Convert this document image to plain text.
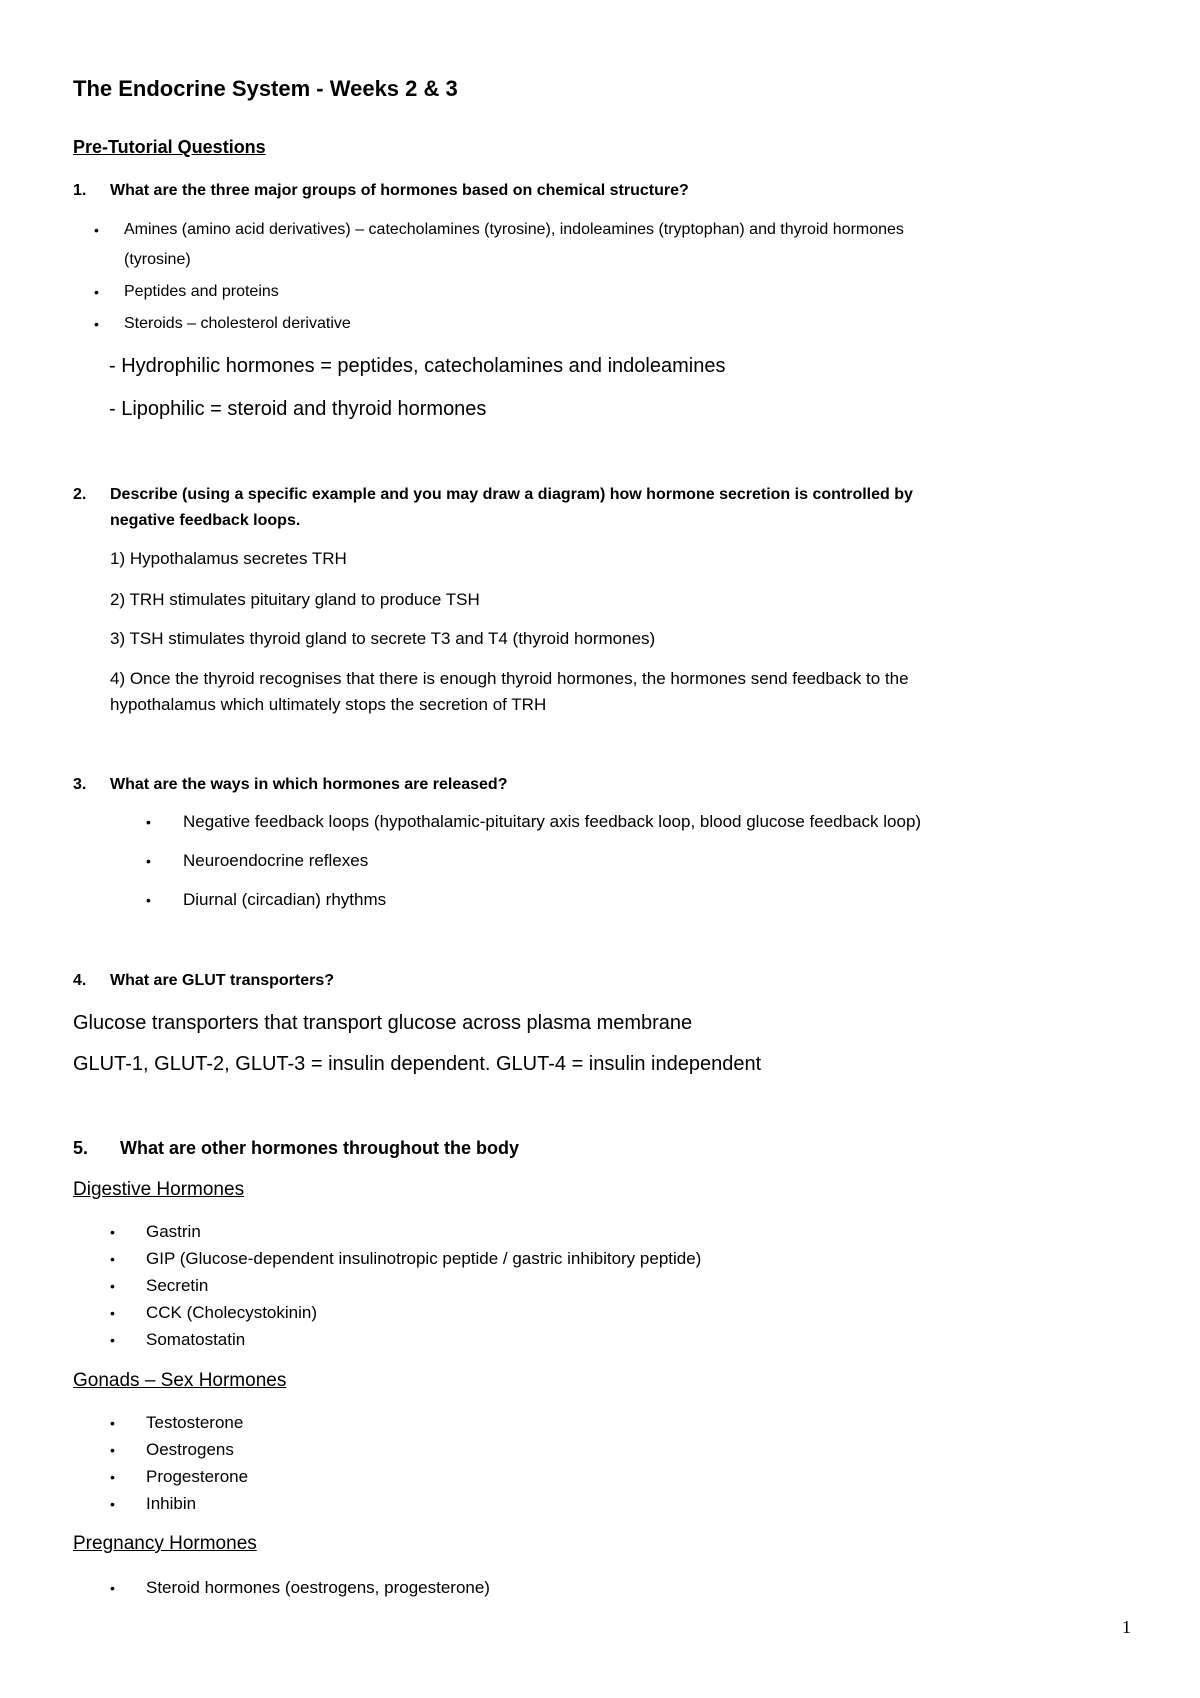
The Endocrine System - Weeks 2 & 3
Pre-Tutorial Questions
1. What are the three major groups of hormones based on chemical structure?
• Amines (amino acid derivatives) – catecholamines (tyrosine), indoleamines (tryptophan) and thyroid hormones
(tyrosine)
• Peptides and proteins
• Steroids – cholesterol derivative
- Hydrophilic hormones = peptides, catecholamines and indoleamines
- Lipophilic = steroid and thyroid hormones
2. Describe (using a specific example and you may draw a diagram) how hormone secretion is controlled by
negative feedback loops.
1) Hypothalamus secretes TRH
2) TRH stimulates pituitary gland to produce TSH
3) TSH stimulates thyroid gland to secrete T3 and T4 (thyroid hormones)
4) Once the thyroid recognises that there is enough thyroid hormones, the hormones send feedback to the
hypothalamus which ultimately stops the secretion of TRH
3. What are the ways in which hormones are released?
• Negative feedback loops (hypothalamic-pituitary axis feedback loop, blood glucose feedback loop)
• Neuroendocrine reflexes
• Diurnal (circadian) rhythms
4. What are GLUT transporters?
Glucose transporters that transport glucose across plasma membrane
GLUT-1, GLUT-2, GLUT-3 = insulin dependent. GLUT-4 = insulin independent
5. What are other hormones throughout the body
Digestive Hormones
• Gastrin
• GIP (Glucose-dependent insulinotropic peptide / gastric inhibitory peptide)
• Secretin
• CCK (Cholecystokinin)
• Somatostatin
Gonads – Sex Hormones
• Testosterone
• Oestrogens
• Progesterone
• Inhibin
Pregnancy Hormones
• Steroid hormones (oestrogens, progesterone)
1
